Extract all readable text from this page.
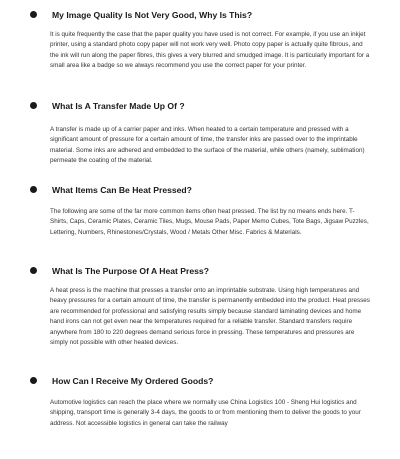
My Image Quality Is Not Very Good, Why Is This?

It is quite frequently the case that the paper quality you have used is not correct. For example, if you use an inkjet printer, using a standard photo copy paper will not work very well. Photo copy paper is actually quite fibrous, and the ink will run along the paper fibres, this gives a very blurred and smudged image. It is particularly important for a small area like a badge so we always recommend you use the correct paper for your printer.

What Is A Transfer Made Up Of ?

A transfer is made up of a carrier paper and inks. When heated to a certain temperature and pressed with a significant amount of pressure for a certain amount of time, the transfer inks are passed over to the imprintable material. Some inks are adhered and embedded to the surface of the material, while others (namely, sublimation) permeate the coating of the material.

What Items Can Be Heat Pressed?

The following are some of the far more common items often heat pressed. The list by no means ends here. T-Shirts, Caps, Ceramic Plates, Ceramic Tiles, Mugs, Mouse Pads, Paper Memo Cubes, Tote Bags, Jigsaw Puzzles, Lettering, Numbers, Rhinestones/Crystals, Wood / Metals Other Misc. Fabrics & Materials.

What Is The Purpose Of A Heat Press?

A heat press is the machine that presses a transfer onto an imprintable substrate. Using high temperatures and heavy pressures for a certain amount of time, the transfer is permanently embedded into the product. Heat presses are recommended for professional and satisfying results simply because standard laminating devices and home hand irons can not get even near the temperatures required for a reliable transfer. Standard transfers require anywhere from 180 to 220 degrees demand serious force in pressing. These temperatures and pressures are simply not possible with other heated devices.

How Can I Receive My Ordered Goods?

Automotive logistics can reach the place where we normally use China Logistics 100 - Sheng Hui logistics and shipping, transport time is generally 3-4 days, the goods to or from mentioning them to deliver the goods to your address. Not accessible logistics in general can take the railway
